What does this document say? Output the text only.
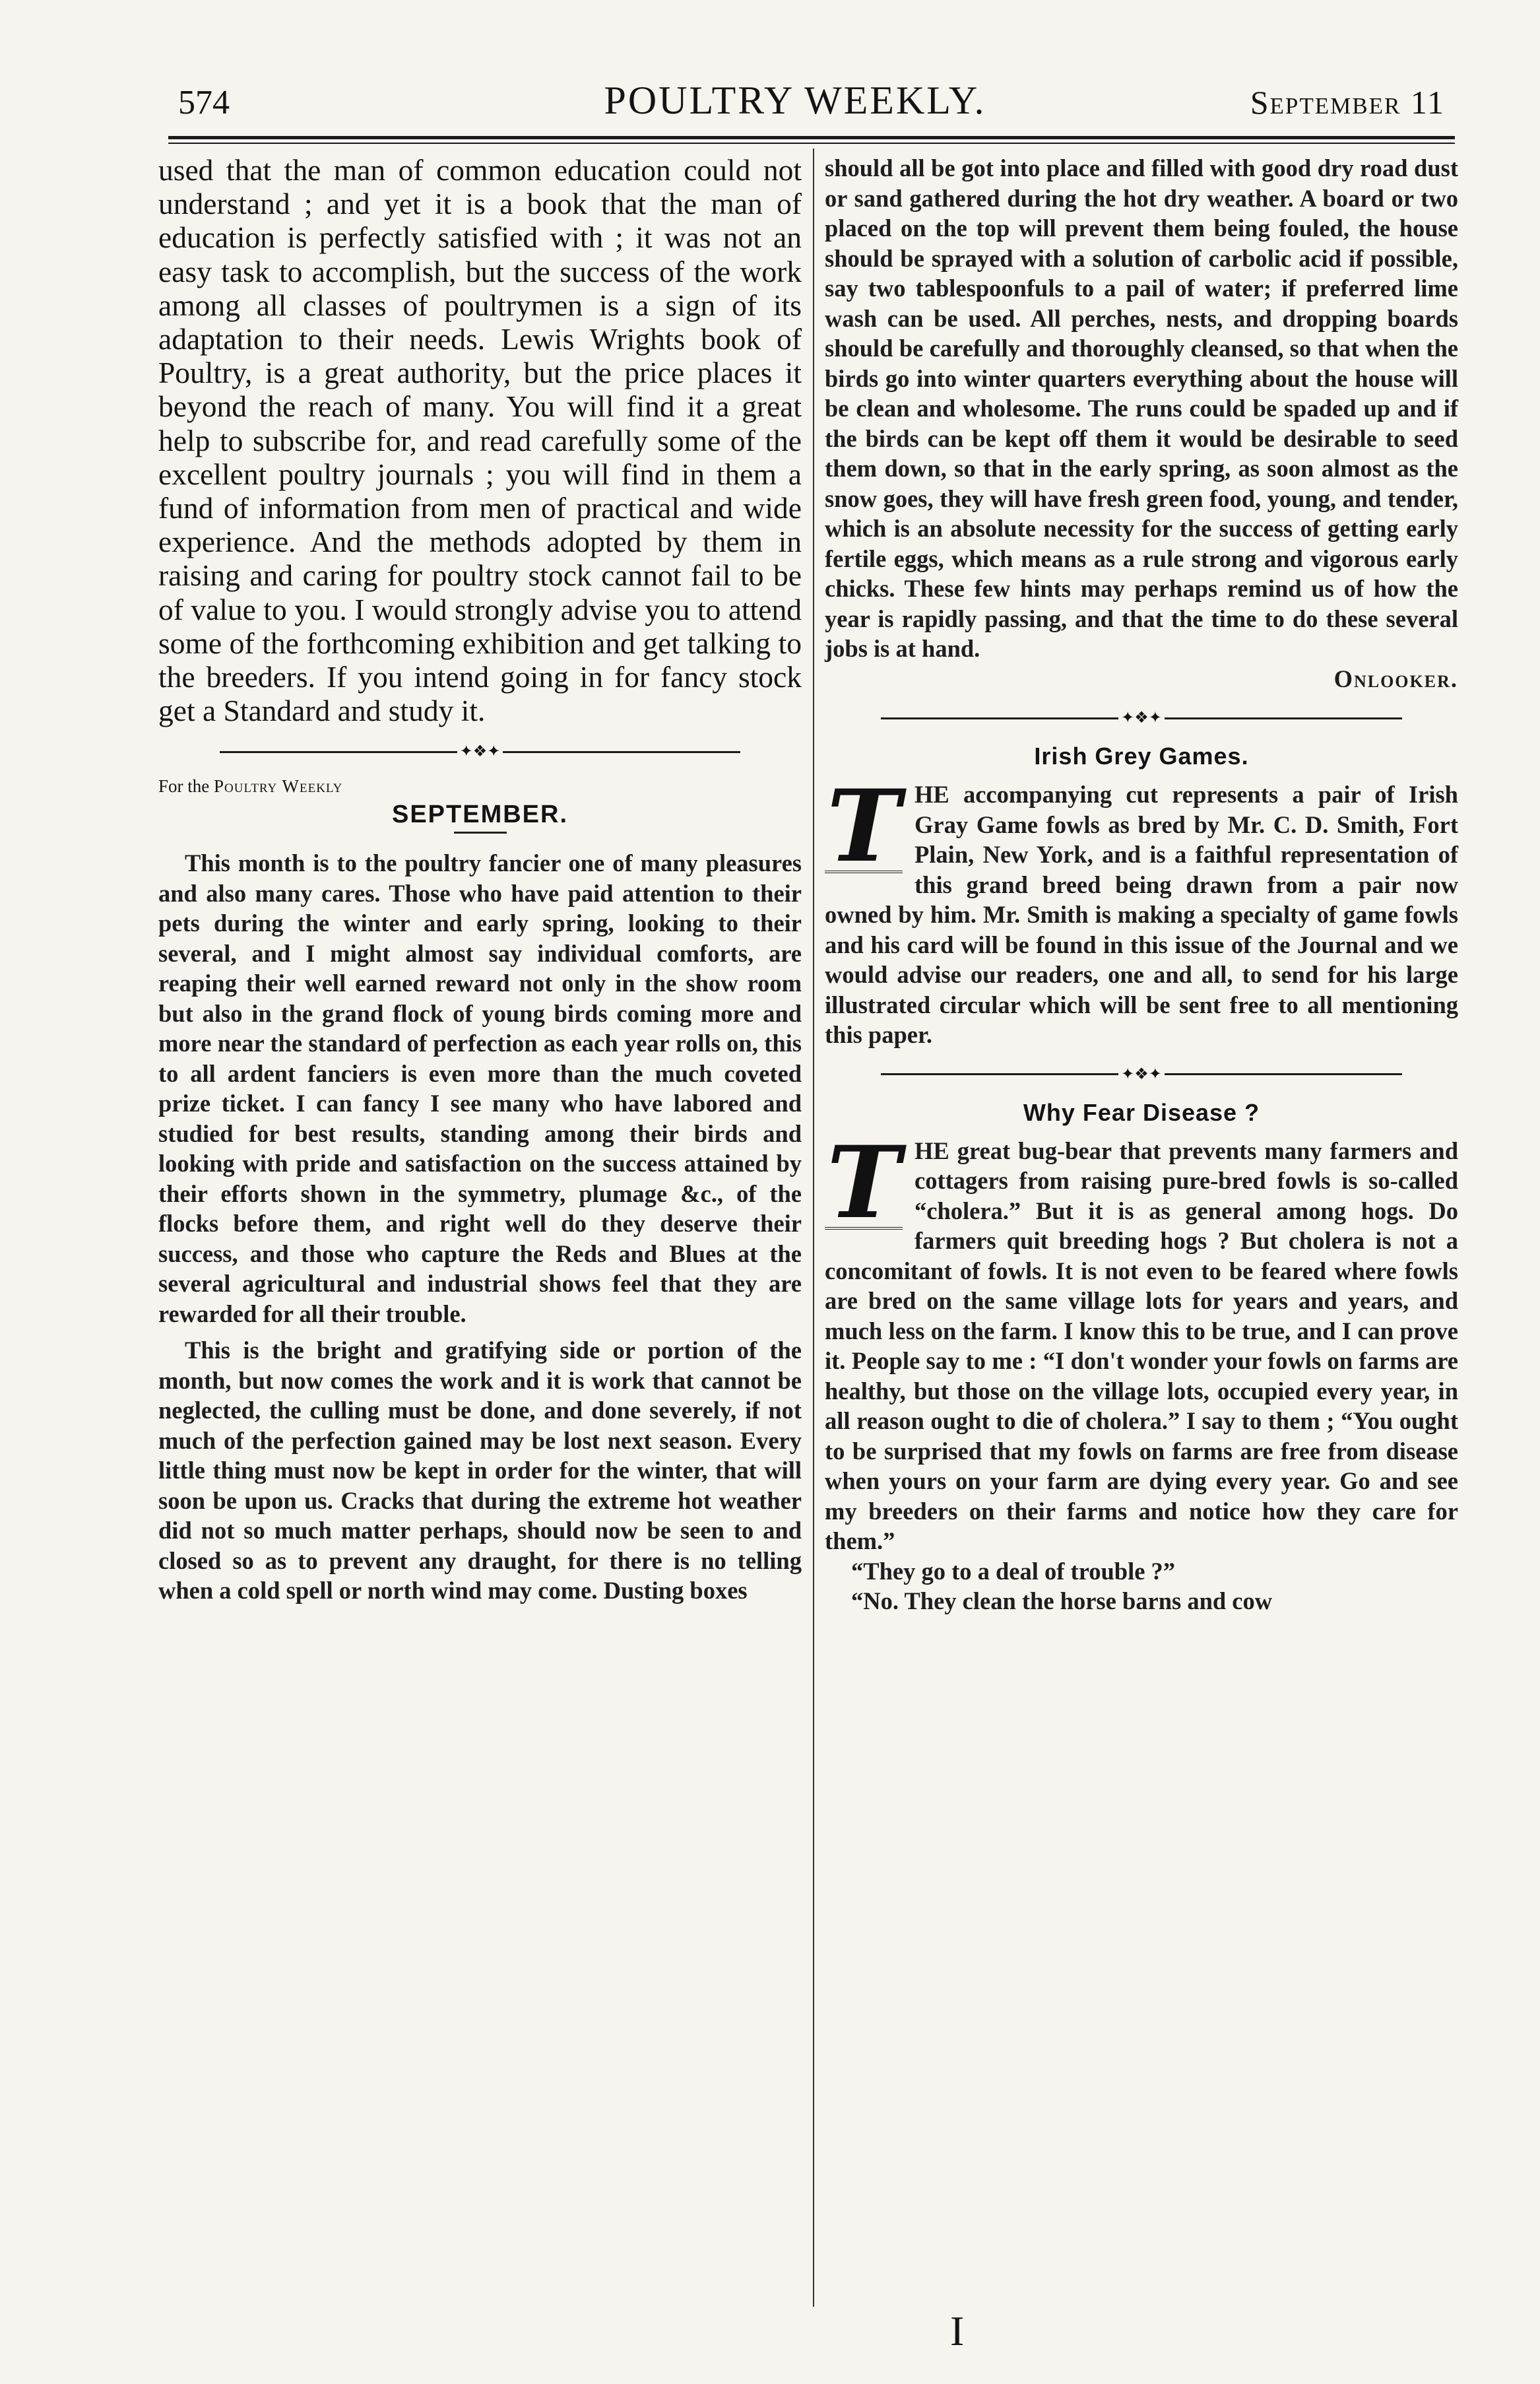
574	POULTRY WEEKLY.	September 11

used that the man of common education could not understand ; and yet it is a book that the man of education is perfectly satisfied with ; it was not an easy task to accomplish, but the success of the work among all classes of poultrymen is a sign of its adaptation to their needs. Lewis Wrights book of Poultry, is a great authority, but the price places it beyond the reach of many. You will find it a great help to subscribe for, and read carefully some of the excellent poultry journals ; you will find in them a fund of information from men of practical and wide experience. And the methods adopted by them in raising and caring for poultry stock cannot fail to be of value to you. I would strongly advise you to attend some of the forthcoming exhibition and get talking to the breeders. If you intend going in for fancy stock get a Standard and study it.

✦❖✦

For the Poultry Weekly

SEPTEMBER.

This month is to the poultry fancier one of many pleasures and also many cares. Those who have paid attention to their pets during the winter and early spring, looking to their several, and I might almost say individual comforts, are reaping their well earned reward not only in the show room but also in the grand flock of young birds coming more and more near the standard of perfection as each year rolls on, this to all ardent fanciers is even more than the much coveted prize ticket. I can fancy I see many who have labored and studied for best results, standing among their birds and looking with pride and satisfaction on the success attained by their efforts shown in the symmetry, plumage &c., of the flocks before them, and right well do they deserve their success, and those who capture the Reds and Blues at the several agricultural and industrial shows feel that they are rewarded for all their trouble.

This is the bright and gratifying side or portion of the month, but now comes the work and it is work that cannot be neglected, the culling must be done, and done severely, if not much of the perfection gained may be lost next season. Every little thing must now be kept in order for the winter, that will soon be upon us. Cracks that during the extreme hot weather did not so much matter perhaps, should now be seen to and closed so as to prevent any draught, for there is no telling when a cold spell or north wind may come. Dusting boxes

should all be got into place and filled with good dry road dust or sand gathered during the hot dry weather. A board or two placed on the top will prevent them being fouled, the house should be sprayed with a solution of carbolic acid if possible, say two tablespoonfuls to a pail of water; if preferred lime wash can be used. All perches, nests, and dropping boards should be carefully and thoroughly cleansed, so that when the birds go into winter quarters everything about the house will be clean and wholesome. The runs could be spaded up and if the birds can be kept off them it would be desirable to seed them down, so that in the early spring, as soon almost as the snow goes, they will have fresh green food, young, and tender, which is an absolute necessity for the success of getting early fertile eggs, which means as a rule strong and vigorous early chicks. These few hints may perhaps remind us of how the year is rapidly passing, and that the time to do these several jobs is at hand.

Onlooker.
✦❖✦
Irish Grey Games.
T HE accompanying cut represents a pair of Irish Gray Game fowls as bred by Mr. C. D. Smith, Fort Plain, New York, and is a faithful representation of this grand breed being drawn from a pair now owned by him. Mr. Smith is making a specialty of game fowls and his card will be found in this issue of the Journal and we would advise our readers, one and all, to send for his large illustrated circular which will be sent free to all mentioning this paper.

✦❖✦
Why Fear Disease ?
T HE great bug-bear that prevents many farmers and cottagers from raising pure-bred fowls is so-called “cholera.” But it is as general among hogs. Do farmers quit breeding hogs ? But cholera is not a concomitant of fowls. It is not even to be feared where fowls are bred on the same village lots for years and years, and much less on the farm. I know this to be true, and I can prove it. People say to me : “I don't wonder your fowls on farms are healthy, but those on the village lots, occupied every year, in all reason ought to die of cholera.” I say to them ; “You ought to be surprised that my fowls on farms are free from disease when yours on your farm are dying every year. Go and see my breeders on their farms and notice how they care for them.”

“They go to a deal of trouble ?”

“No. They clean the horse barns and cow

I
